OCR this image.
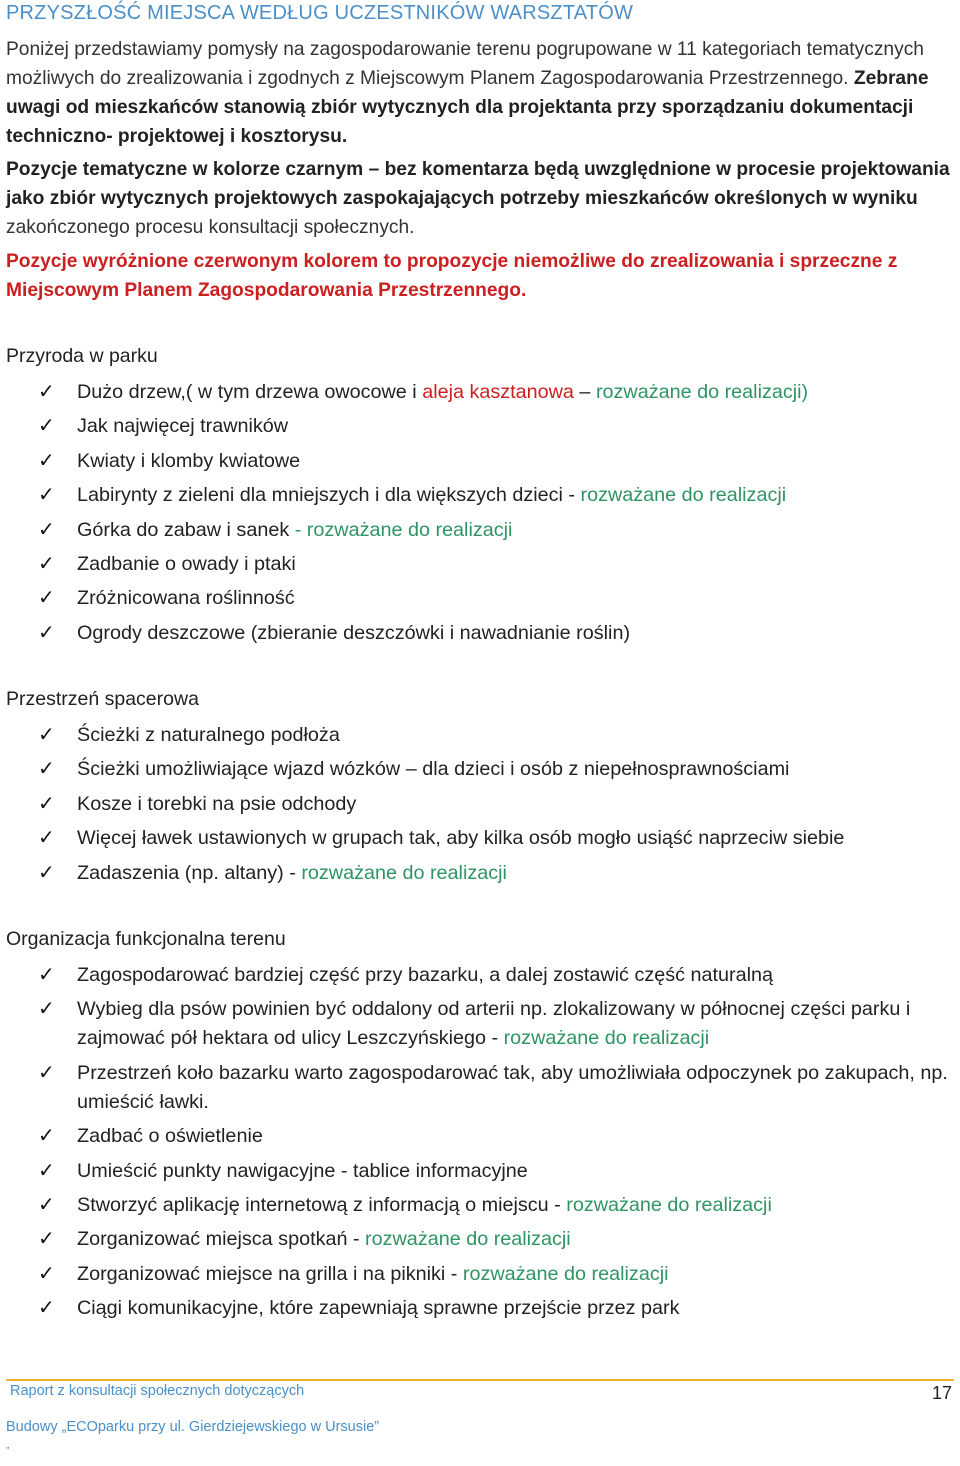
PRZYSZŁOŚĆ MIEJSCA WEDŁUG UCZESTNIKÓW WARSZTATÓW
Poniżej przedstawiamy pomysły na zagospodarowanie terenu pogrupowane w 11 kategoriach tematycznych możliwych do zrealizowania i zgodnych z Miejscowym Planem Zagospodarowania Przestrzennego. Zebrane uwagi od mieszkańców stanowią zbiór wytycznych dla projektanta przy sporządzaniu dokumentacji techniczno- projektowej i kosztorysu.
Pozycje tematyczne w kolorze czarnym – bez komentarza będą uwzględnione w procesie projektowania jako zbiór wytycznych projektowych zaspokajających potrzeby mieszkańców określonych w wyniku zakończonego procesu konsultacji społecznych.
Pozycje wyróżnione czerwonym kolorem to propozycje niemożliwe do zrealizowania i sprzeczne z Miejscowym Planem Zagospodarowania Przestrzennego.
Przyroda w parku
✓ Dużo drzew,( w tym drzewa owocowe i aleja kasztanowa – rozważane do realizacji)
✓ Jak najwięcej trawników
✓ Kwiaty i klomby kwiatowe
✓ Labirynty z zieleni dla mniejszych i dla większych dzieci - rozważane do realizacji
✓ Górka do zabaw i sanek - rozważane do realizacji
✓ Zadbanie o owady i ptaki
✓ Zróżnicowana roślinność
✓ Ogrody deszczowe (zbieranie deszczówki i nawadnianie roślin)
Przestrzeń spacerowa
✓ Ścieżki z naturalnego podłoża
✓ Ścieżki umożliwiające wjazd wózków – dla dzieci i osób z niepełnosprawnościami
✓ Kosze i torebki na psie odchody
✓ Więcej ławek ustawionych w grupach tak, aby kilka osób mogło usiąść naprzeciw siebie
✓ Zadaszenia (np. altany) - rozważane do realizacji
Organizacja funkcjonalna terenu
✓ Zagospodarować bardziej część przy bazarku, a dalej zostawić część naturalną
✓ Wybieg dla psów powinien być oddalony od arterii np. zlokalizowany w północnej części parku i zajmować pół hektara od ulicy Leszczyńskiego - rozważane do realizacji
✓ Przestrzeń koło bazarku warto zagospodarować tak, aby umożliwiała odpoczynek po zakupach, np. umieścić ławki.
✓ Zadbać o oświetlenie
✓ Umieścić punkty nawigacyjne - tablice informacyjne
✓ Stworzyć aplikację internetową z informacją o miejscu - rozważane do realizacji
✓ Zorganizować miejsca spotkań - rozważane do realizacji
✓ Zorganizować miejsce na grilla i na pikniki - rozważane do realizacji
✓ Ciągi komunikacyjne, które zapewniają sprawne przejście przez park
Raport z konsultacji społecznych dotyczących	17
Budowy „ECOparku przy ul. Gierdziejewskiego w Ursusie”
”
